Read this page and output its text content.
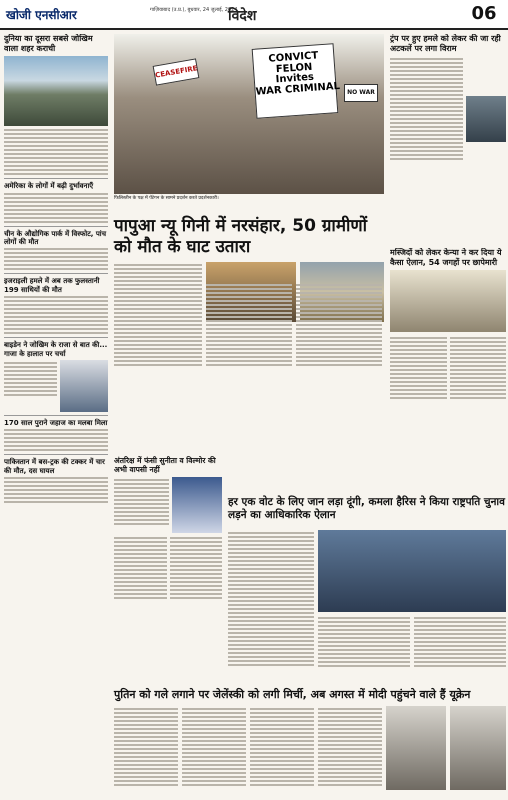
खोजी एनसीआर	गाज़ियाबाद (उ.प्र.), बुधवार, 24 जुलाई, 2024
विदेश	06
दुनिया का दूसरा सबसे जोखिम वाला शहर कराची
अमेरिका के लोगों में बढ़ी दुर्भावनाएँ
चीन के औद्योगिक पार्क में विस्फोट, पांच लोगों की मौत
इजराइली हमले में अब तक फुलस्तानी 199 साथियों की मौत
बाइडेन ने जोखिम के राजा से बात की... गाजा के हालात पर चर्चा
170 साल पुराने जहाज का मलबा मिला
पाकिस्तान में बस-ट्रक की टक्कर में चार की मौत, दस घायल
CONVICT
FELON
Invites
WAR CRIMINAL
CEASEFIRE
NO WAR
फिलिस्तीन के पक्ष में पेंटेगन के सामने प्रदर्शन करते प्रदर्शनकारी।
ट्रंप पर हुए हमले को लेकर की जा रही अटकलें पर लगा विराम
पापुआ न्यू गिनी में नरसंहार, 50 ग्रामीणों को मौत के घाट उतारा	मस्जिदों को लेकर केन्या ने कर दिया ये कैसा ऐलान, 54 जगहों पर छापेमारी
अंतरिक्ष में फंसी सुनीता व विल्मोर की अभी वापसी नहीं
हर एक वोट के लिए जान लड़ा दूंगी, कमला हैरिस ने किया राष्ट्रपति चुनाव लड़ने का आधिकारिक ऐलान
पुतिन को गले लगाने पर जेलेंस्की को लगी मिर्ची, अब अगस्त में मोदी पहुंचने वाले हैं यूक्रेन
